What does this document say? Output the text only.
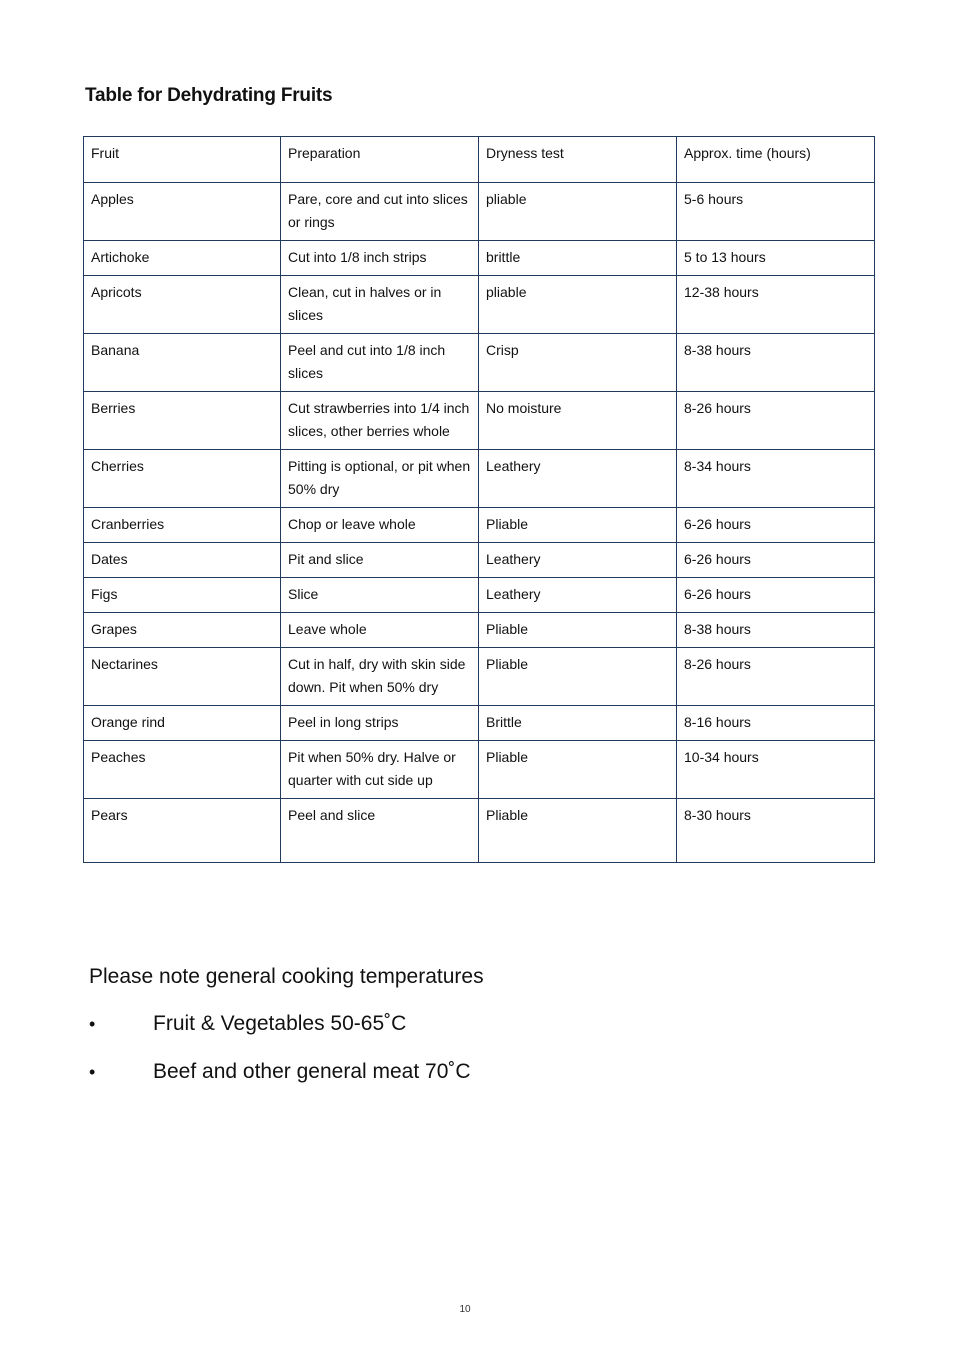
Table for Dehydrating Fruits
Fruit	Preparation	Dryness test	Approx. time (hours)
Apples	Pare, core and cut into slices or rings	pliable	5-6 hours
Artichoke	Cut into 1/8 inch strips	brittle	5 to 13 hours
Apricots	Clean, cut in halves or in slices	pliable	12-38 hours
Banana	Peel and cut into 1/8 inch slices	Crisp	8-38 hours
Berries	Cut strawberries into 1/4 inch slices, other berries whole	No moisture	8-26 hours
Cherries	Pitting is optional, or pit when 50% dry	Leathery	8-34 hours
Cranberries	Chop or leave whole	Pliable	6-26 hours
Dates	Pit and slice	Leathery	6-26 hours
Figs	Slice	Leathery	6-26 hours
Grapes	Leave whole	Pliable	8-38 hours
Nectarines	Cut in half, dry with skin side down. Pit when 50% dry	Pliable	8-26 hours
Orange rind	Peel in long strips	Brittle	8-16 hours
Peaches	Pit when 50% dry. Halve or quarter with cut side up	Pliable	10-34 hours
Pears	Peel and slice	Pliable	8-30 hours

Please note general cooking temperatures

•	Fruit & Vegetables 50-65˚C
•	Beef and other general meat 70˚C
10
